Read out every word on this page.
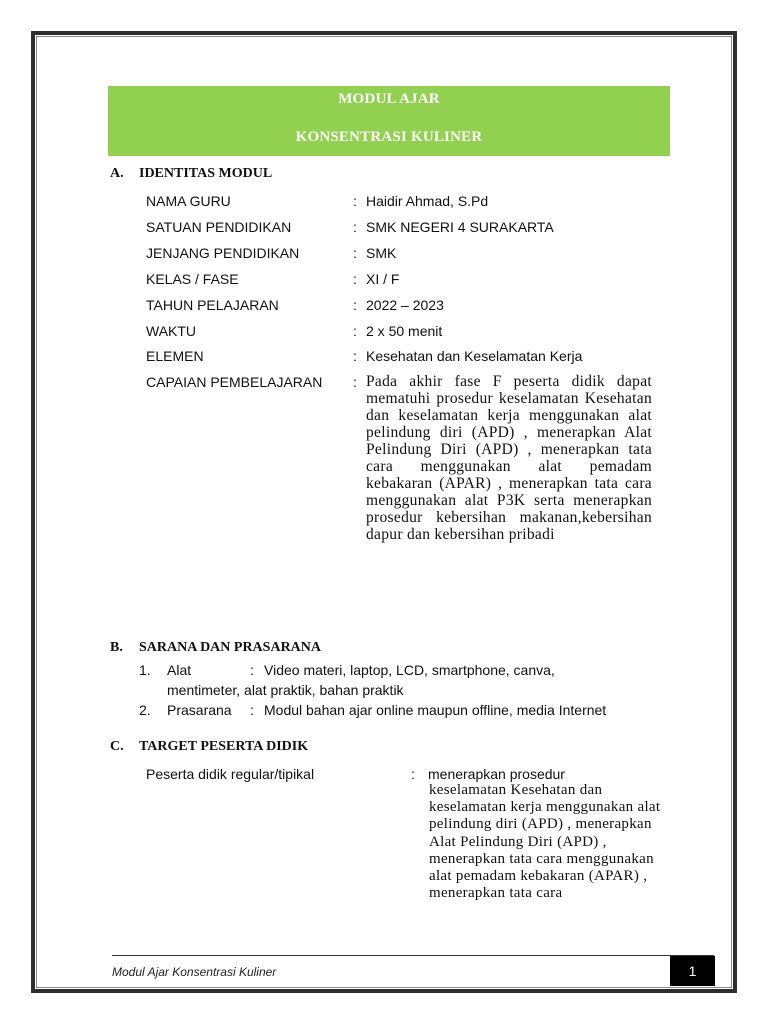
MODUL AJAR
KONSENTRASI KULINER
A. IDENTITAS MODUL
NAMA GURU	: Haidir Ahmad, S.Pd
SATUAN PENDIDIKAN	: SMK NEGERI 4 SURAKARTA
JENJANG PENDIDIKAN	: SMK
KELAS / FASE	: XI / F
TAHUN PELAJARAN	: 2022 – 2023
WAKTU	: 2 x 50 menit
ELEMEN	: Kesehatan dan Keselamatan Kerja
CAPAIAN PEMBELAJARAN : Pada akhir fase F peserta didik dapat mematuhi prosedur keselamatan Kesehatan dan keselamatan kerja menggunakan alat pelindung diri (APD) , menerapkan Alat Pelindung Diri (APD) , menerapkan tata cara menggunakan alat pemadam kebakaran (APAR) , menerapkan tata cara menggunakan alat P3K serta menerapkan prosedur kebersihan makanan,kebersihan dapur dan kebersihan pribadi
B. SARANA DAN PRASARANA
1. Alat	: Video materi, laptop, LCD, smartphone, canva,
mentimeter, alat praktik, bahan praktik
2. Prasarana : Modul bahan ajar online maupun offline, media Internet
C. TARGET PESERTA DIDIK
Peserta didik regular/tipikal	: menerapkan prosedur
keselamatan Kesehatan dan keselamatan kerja menggunakan alat pelindung diri (APD) , menerapkan Alat Pelindung Diri (APD) , menerapkan tata cara menggunakan alat pemadam kebakaran (APAR) , menerapkan tata cara
Modul Ajar Konsentrasi Kuliner	1
